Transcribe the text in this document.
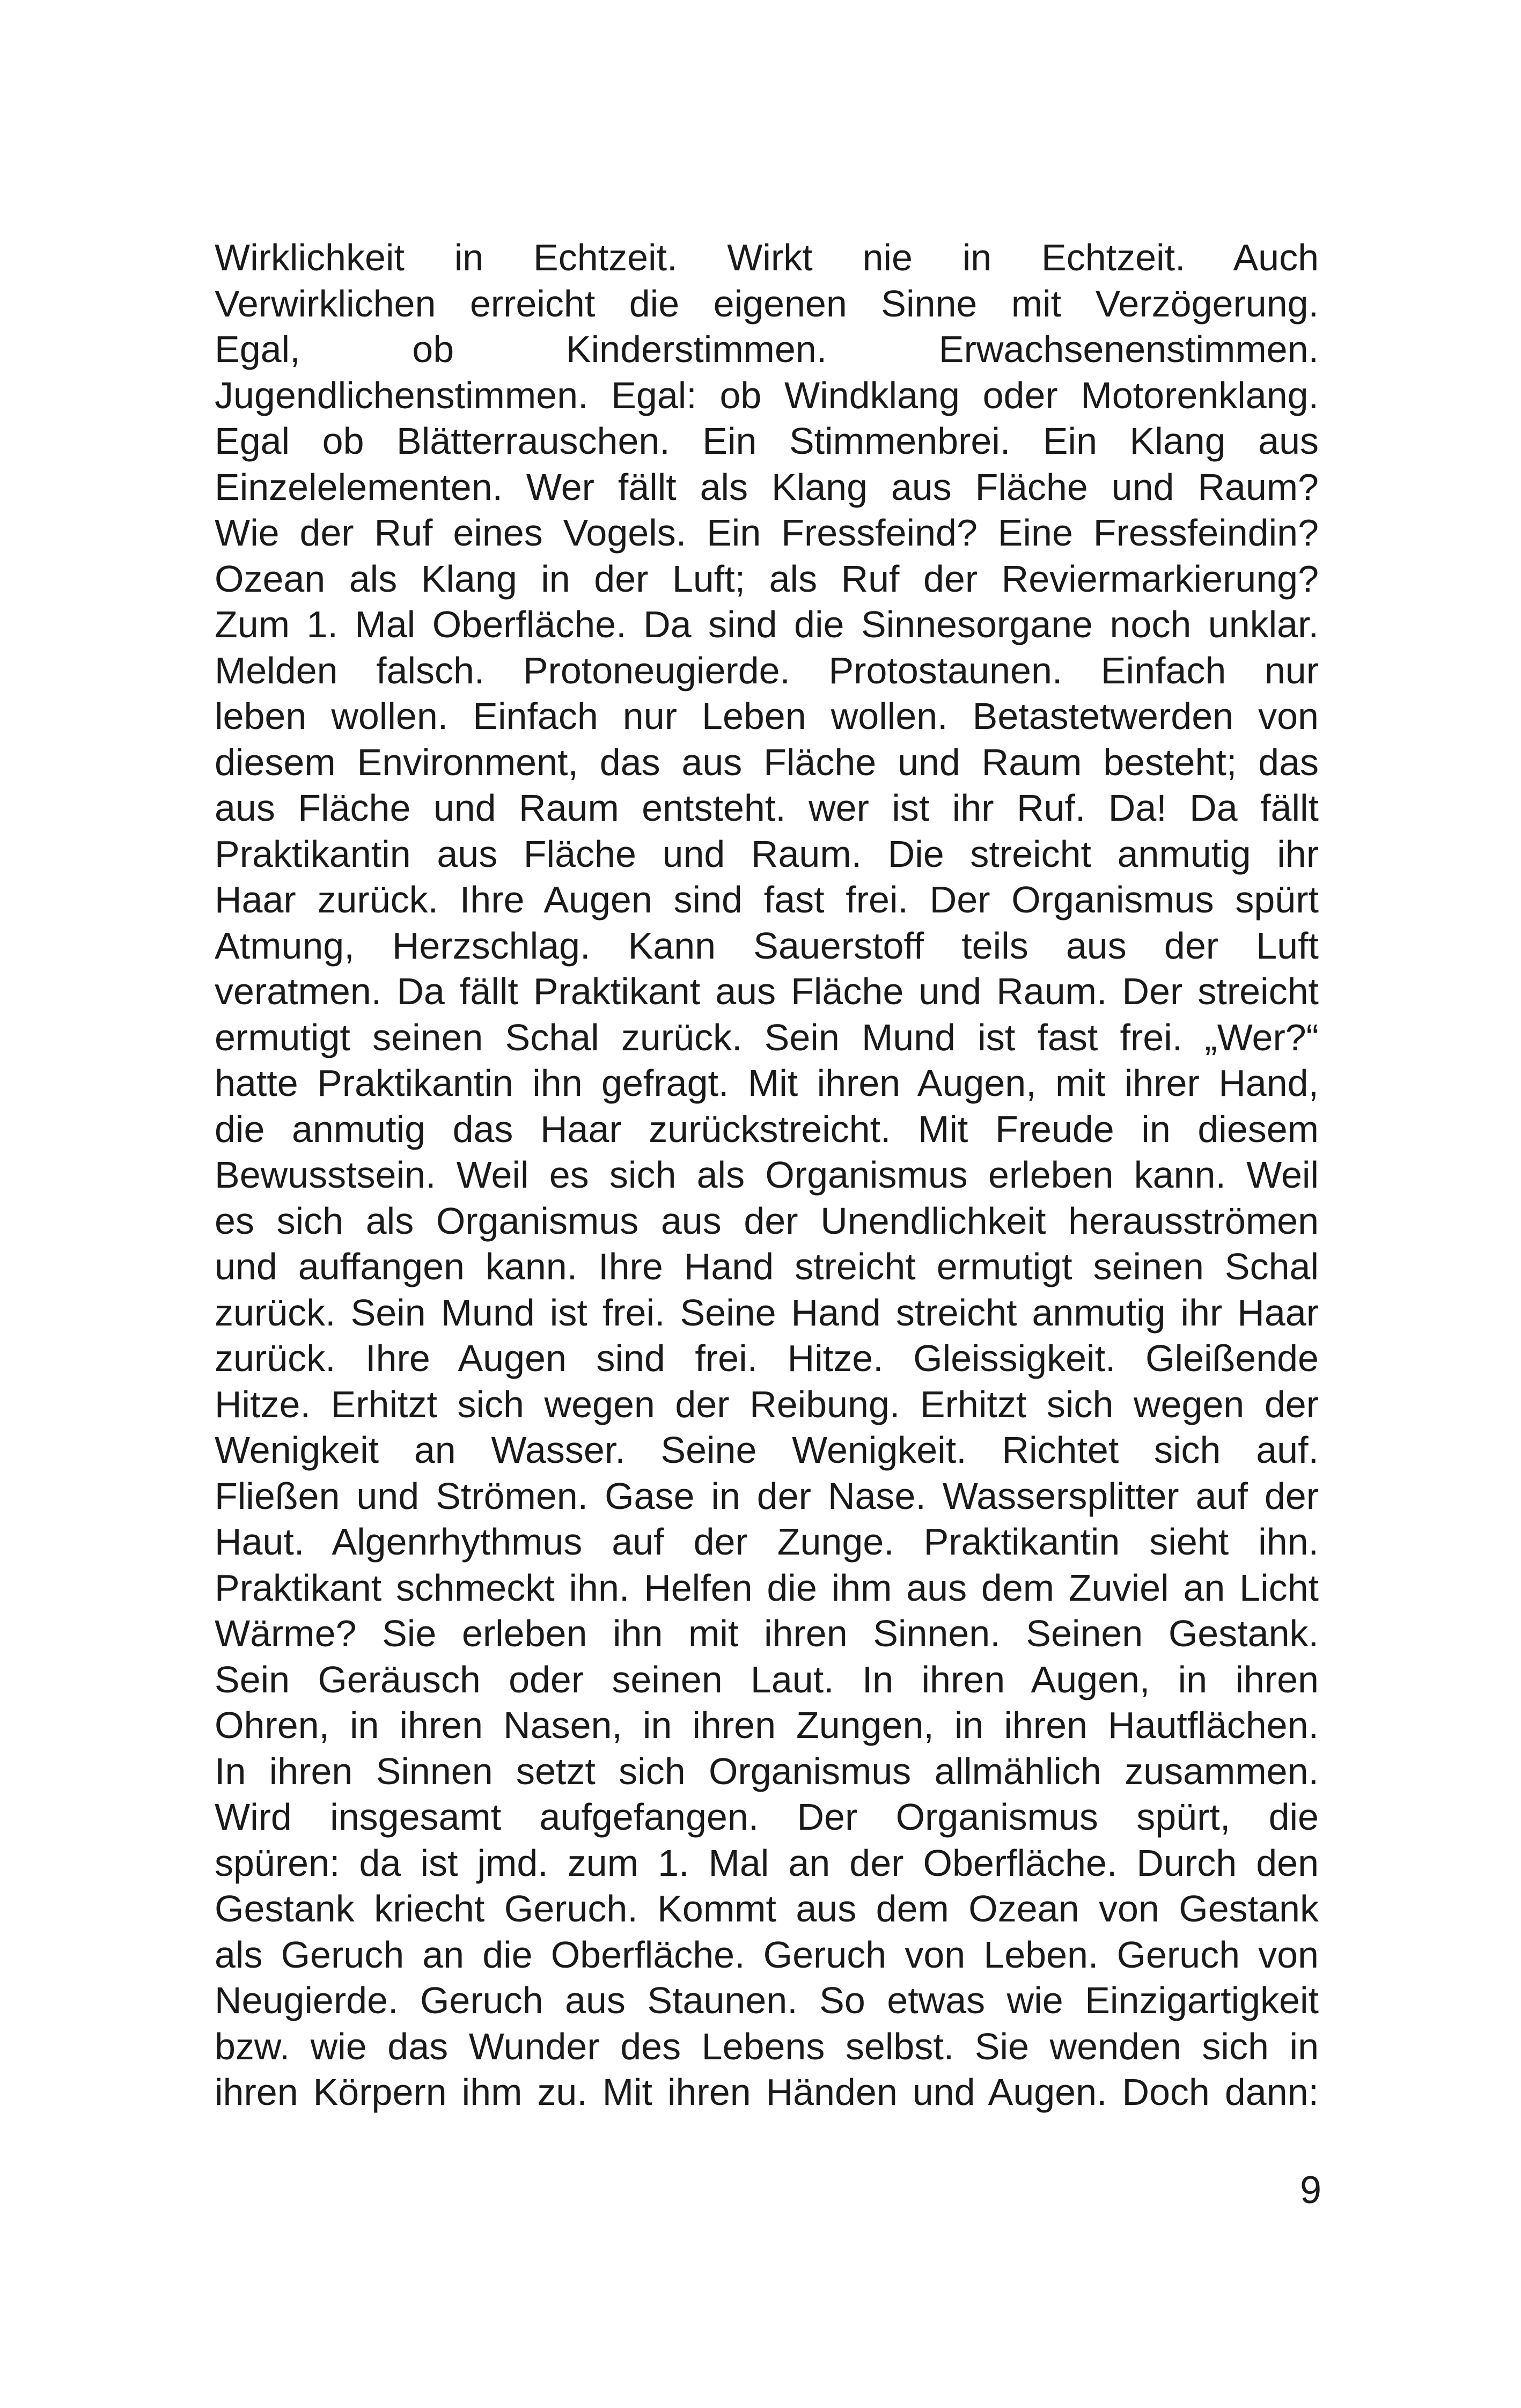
Wirklichkeit in Echtzeit. Wirkt nie in Echtzeit. Auch
Verwirklichen erreicht die eigenen Sinne mit Verzögerung.
Egal, ob Kinderstimmen. Erwachsenenstimmen.
Jugendlichenstimmen. Egal: ob Windklang oder Motorenklang.
Egal ob Blätterrauschen. Ein Stimmenbrei. Ein Klang aus
Einzelelementen. Wer fällt als Klang aus Fläche und Raum?
Wie der Ruf eines Vogels. Ein Fressfeind? Eine Fressfeindin?
Ozean als Klang in der Luft; als Ruf der Reviermarkierung?
Zum 1. Mal Oberfläche. Da sind die Sinnesorgane noch unklar.
Melden falsch. Protoneugierde. Protostaunen. Einfach nur
leben wollen. Einfach nur Leben wollen. Betastetwerden von
diesem Environment, das aus Fläche und Raum besteht; das
aus Fläche und Raum entsteht. wer ist ihr Ruf. Da! Da fällt
Praktikantin aus Fläche und Raum. Die streicht anmutig ihr
Haar zurück. Ihre Augen sind fast frei. Der Organismus spürt
Atmung, Herzschlag. Kann Sauerstoff teils aus der Luft
veratmen. Da fällt Praktikant aus Fläche und Raum. Der streicht
ermutigt seinen Schal zurück. Sein Mund ist fast frei. „Wer?“
hatte Praktikantin ihn gefragt. Mit ihren Augen, mit ihrer Hand,
die anmutig das Haar zurückstreicht. Mit Freude in diesem
Bewusstsein. Weil es sich als Organismus erleben kann. Weil
es sich als Organismus aus der Unendlichkeit herausströmen
und auffangen kann. Ihre Hand streicht ermutigt seinen Schal
zurück. Sein Mund ist frei. Seine Hand streicht anmutig ihr Haar
zurück. Ihre Augen sind frei. Hitze. Gleissigkeit. Gleißende
Hitze. Erhitzt sich wegen der Reibung. Erhitzt sich wegen der
Wenigkeit an Wasser. Seine Wenigkeit. Richtet sich auf.
Fließen und Strömen. Gase in der Nase. Wassersplitter auf der
Haut. Algenrhythmus auf der Zunge. Praktikantin sieht ihn.
Praktikant schmeckt ihn. Helfen die ihm aus dem Zuviel an Licht
Wärme? Sie erleben ihn mit ihren Sinnen. Seinen Gestank.
Sein Geräusch oder seinen Laut. In ihren Augen, in ihren
Ohren, in ihren Nasen, in ihren Zungen, in ihren Hautflächen.
In ihren Sinnen setzt sich Organismus allmählich zusammen.
Wird insgesamt aufgefangen. Der Organismus spürt, die
spüren: da ist jmd. zum 1. Mal an der Oberfläche. Durch den
Gestank kriecht Geruch. Kommt aus dem Ozean von Gestank
als Geruch an die Oberfläche. Geruch von Leben. Geruch von
Neugierde. Geruch aus Staunen. So etwas wie Einzigartigkeit
bzw. wie das Wunder des Lebens selbst. Sie wenden sich in
ihren Körpern ihm zu. Mit ihren Händen und Augen. Doch dann:
9
